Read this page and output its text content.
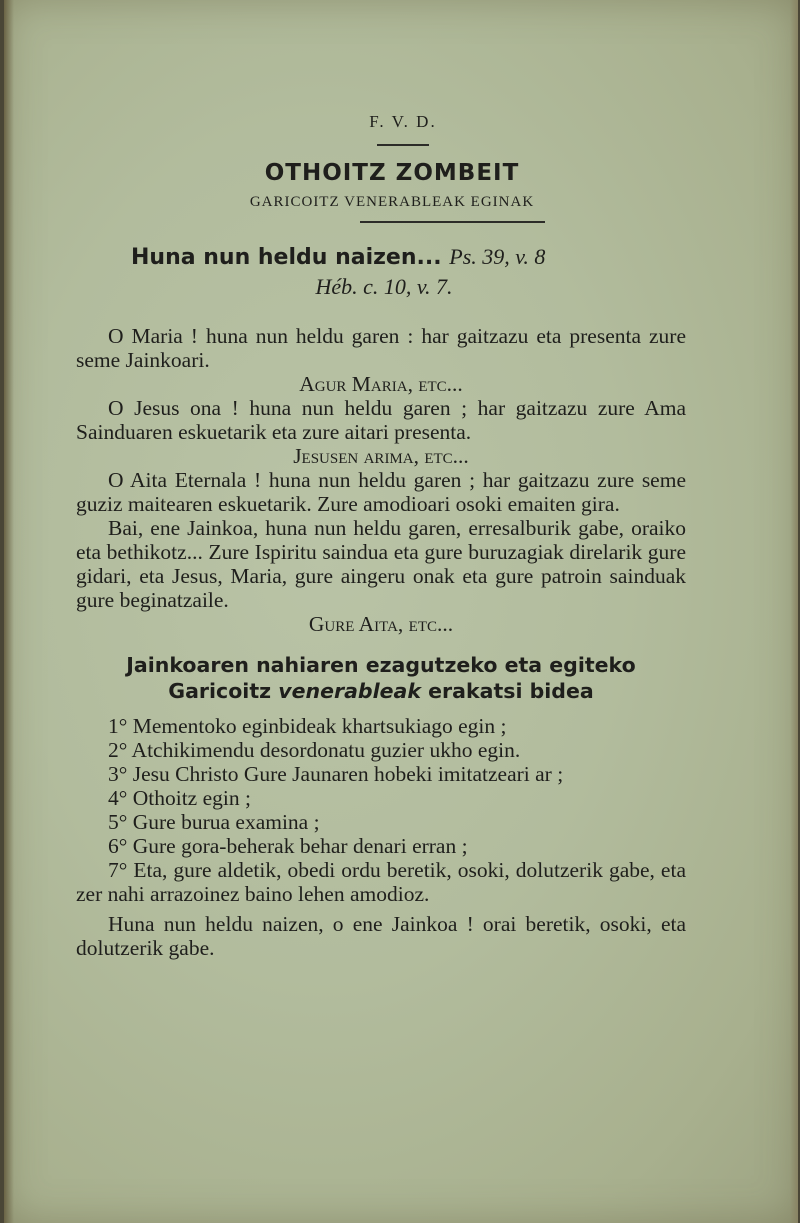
F. V. D.
OTHOITZ ZOMBEIT
GARICOITZ VENERABLEAK EGINAK
Huna nun heldu naizen... Ps. 39, v. 8
Héb. c. 10, v. 7.

O Maria ! huna nun heldu garen : har gaitzazu eta presenta zure seme Jainkoari.

Agur Maria, etc...

O Jesus ona ! huna nun heldu garen ; har gaitzazu zure Ama Sainduaren eskuetarik eta zure aitari presenta.

Jesusen arima, etc...

O Aita Eternala ! huna nun heldu garen ; har gaitzazu zure seme guziz maitearen eskuetarik. Zure amodioari osoki emaiten gira.

Bai, ene Jainkoa, huna nun heldu garen, erresalburik gabe, oraiko eta bethikotz... Zure Ispiritu saindua eta gure buruzagiak direlarik gure gidari, eta Jesus, Maria, gure aingeru onak eta gure patroin sainduak gure beginatzaile.

Gure Aita, etc...

Jainkoaren nahiaren ezagutzeko eta egiteko Garicoitz venerableak erakatsi bidea

1° Mementoko eginbideak khartsukiago egin ;

2° Atchikimendu desordonatu guzier ukho egin.

3° Jesu Christo Gure Jaunaren hobeki imitatzeari ar ;

4° Othoitz egin ;

5° Gure burua examina ;

6° Gure gora-beherak behar denari erran ;

7° Eta, gure aldetik, obedi ordu beretik, osoki, dolutzerik gabe, eta zer nahi arrazoinez baino lehen amodioz.

Huna nun heldu naizen, o ene Jainkoa ! orai beretik, osoki, eta dolutzerik gabe.
